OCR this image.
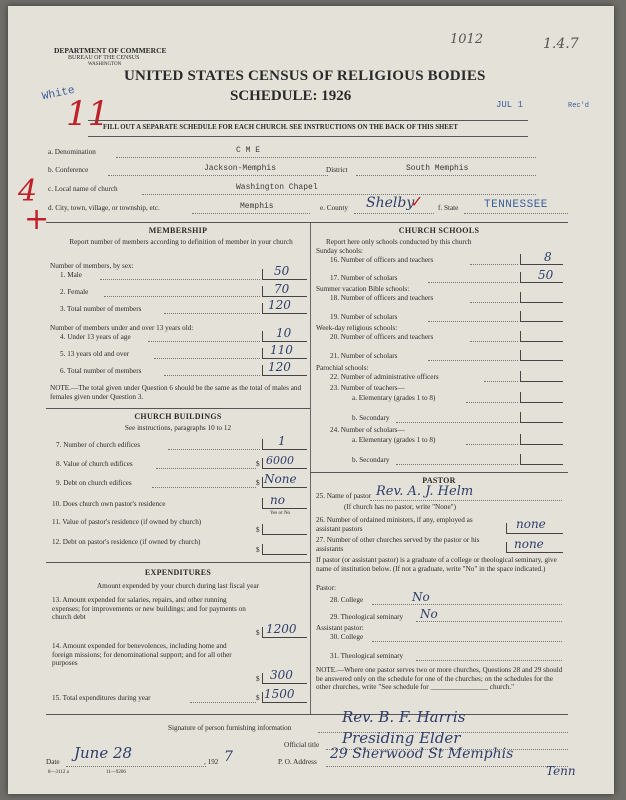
1012	1.4.7
DEPARTMENT OF COMMERCE
BUREAU OF THE CENSUS
WASHINGTON
UNITED STATES CENSUS OF RELIGIOUS BODIES
SCHEDULE: 1926
White
11	JUL 1	Rec'd
FILL OUT A SEPARATE SCHEDULE FOR EACH CHURCH. SEE INSTRUCTIONS ON THE BACK OF THIS SHEET
4
+
a. Denomination	C M E
b. Conference	Jackson-Memphis	District	South Memphis
c. Local name of church	Washington Chapel
d. City, town, village, or township, etc.	Memphis	e. County Shelby
✓ f. State TENNESSEE
MEMBERSHIP
Report number of members according to definition of member in your church
Number of members, by sex:
1. Male	50
2. Female	70
3. Total number of members	120
Number of members under and over 13 years old:
4. Under 13 years of age	10
5. 13 years old and over	110
6. Total number of members	120
NOTE.—The total given under Question 6 should be the same as the total of males and females given under Question 3.
CHURCH BUILDINGS
See instructions, paragraphs 10 to 12
7. Number of church edifices	1
8. Value of church edifices	$ 6000
9. Debt on church edifices	$ None
10. Does church own pastor's residence	no
Yes or No
11. Value of pastor's residence (if owned by church)
$
12. Debt on pastor's residence (if owned by church)
$
EXPENDITURES
Amount expended by your church during last fiscal year
13. Amount expended for salaries, repairs, and other running expenses; for improvements or new buildings; and for payments on church debt
$ 1200
14. Amount expended for benevolences, including home and foreign missions; for denominational support; and for all other purposes
$ 300
15. Total expenditures during year	$ 1500
CHURCH SCHOOLS
Report here only schools conducted by this church
Sunday schools:
16. Number of officers and teachers	8
17. Number of scholars	50
Summer vacation Bible schools:
18. Number of officers and teachers
19. Number of scholars
Week-day religious schools:
20. Number of officers and teachers
21. Number of scholars
Parochial schools:
22. Number of administrative officers
23. Number of teachers—
a. Elementary (grades 1 to 8)
b. Secondary
24. Number of scholars—
a. Elementary (grades 1 to 8)
b. Secondary
PASTOR
25. Name of pastor Rev. A. J. Helm
(If church has no pastor, write "None")
26. Number of ordained ministers, if any, employed as assistant pastors	none
27. Number of other churches served by the pastor or his assistants	none
If pastor (or assistant pastor) is a graduate of a college or theological seminary, give name of institution below. (If not a graduate, write "No" in the space indicated.)
Pastor:
28. College	No
29. Theological seminary No
Assistant pastor:
30. College
31. Theological seminary
NOTE.—Where one pastor serves two or more churches, Questions 28 and 29 should be answered only on the schedule for one of the churches; on the schedules for the other churches, write "See schedule for ________________ church."
Signature of person furnishing information
Rev. B. F. Harris
Official title Presiding Elder
P. O. Address 29 Sherwood St Memphis
Tenn
Date June 28	, 192 7
8—3112 a	11—9206
